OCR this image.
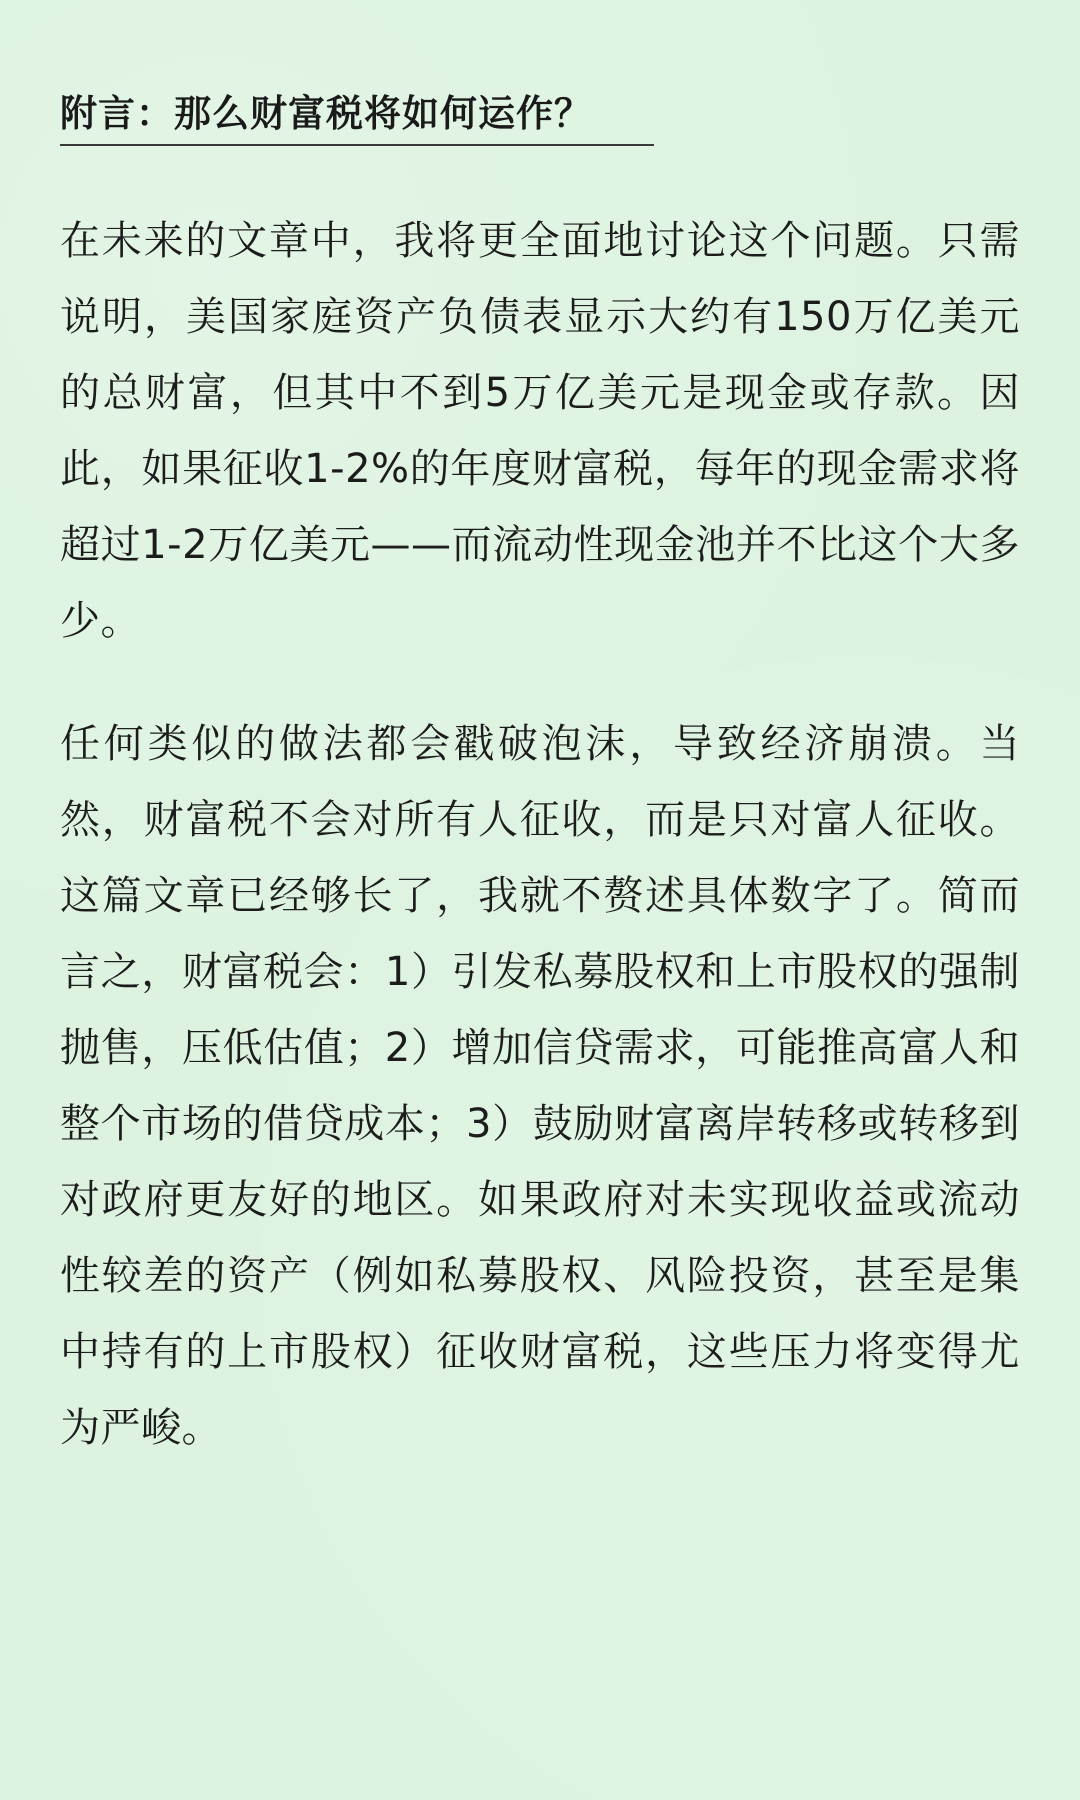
附言：那么财富税将如何运作？
在未来的文章中，我将更全面地讨论这个问题。只需说明，美国家庭资产负债表显示大约有150万亿美元的总财富，但其中不到5万亿美元是现金或存款。因此，如果征收1-2%的年度财富税，每年的现金需求将超过1-2万亿美元——而流动性现金池并不比这个大多少。
任何类似的做法都会戳破泡沫，导致经济崩溃。当然，财富税不会对所有人征收，而是只对富人征收。这篇文章已经够长了，我就不赘述具体数字了。简而言之，财富税会：1）引发私募股权和上市股权的强制抛售，压低估值；2）增加信贷需求，可能推高富人和整个市场的借贷成本；3）鼓励财富离岸转移或转移到对政府更友好的地区。如果政府对未实现收益或流动性较差的资产（例如私募股权、风险投资，甚至是集中持有的上市股权）征收财富税，这些压力将变得尤为严峻。
